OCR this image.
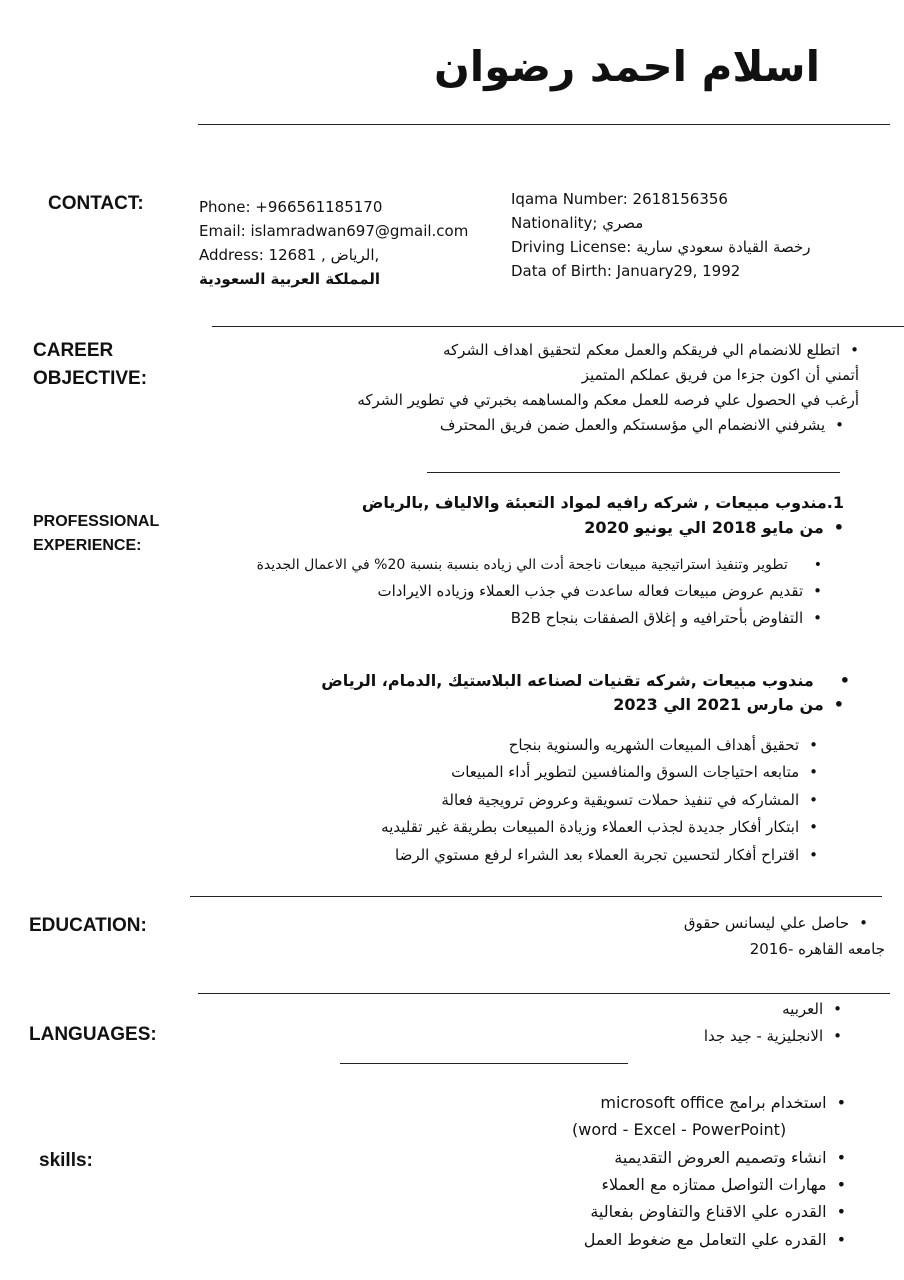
اسلام احمد رضوان
CONTACT:	Phone: +966561185170
Email: islamradwan697@gmail.com
Address: 12681 , الرياض,
المملكة العربية السعودية
Iqama Number: 2618156356
Nationality; مصري
Driving License: رخصة القيادة سعودي سارية
Data of Birth: January29, 1992
CAREER
OBJECTIVE:
• اتطلع للانضمام الي فريقكم والعمل معكم لتحقيق اهداف الشركه
أتمني أن اكون جزءا من فريق عملكم المتميز
أرغب في الحصول علي فرصه للعمل معكم والمساهمه بخبرتي في تطوير الشركه
• يشرفني الانضمام الي مؤسستكم والعمل ضمن فريق المحترف
PROFESSIONAL
EXPERIENCE:
1.مندوب مبيعات , شركه رافيه لمواد التعبئة والالياف ,بالرياض
• من مايو 2018 الي يونيو 2020
• تطوير وتنفيذ استراتيجية مبيعات ناجحة أدت الي زياده بنسبة بنسبة 20% في الاعمال الجديدة
• تقديم عروض مبيعات فعاله ساعدت في جذب العملاء وزياده الايرادات
• التفاوض بأحترافيه و إغلاق الصفقات بنجاح B2B
• مندوب مبيعات ,شركه تقنيات لصناعه البلاستيك ,الدمام، الرياض
• من مارس 2021 الي 2023
• تحقيق أهداف المبيعات الشهريه والسنوية بنجاح
• متابعه احتياجات السوق والمنافسين لتطوير أداء المبيعات
• المشاركه في تنفيذ حملات تسويقية وعروض ترويجية فعالة
• ابتكار أفكار جديدة لجذب العملاء وزيادة المبيعات بطريقة غير تقليديه
• اقتراح أفكار لتحسين تجربة العملاء بعد الشراء لرفع مستوي الرضا
EDUCATION:	• حاصل علي ليسانس حقوق
جامعه القاهره -2016
LANGUAGES:
• العربيه
• الانجليزية - جيد جدا
skills:
• استخدام برامج microsoft office
(word - Excel - PowerPoint)
• انشاء وتصميم العروض التقديمية
• مهارات التواصل ممتازه مع العملاء
• القدره علي الاقناع والتفاوض بفعالية
• القدره علي التعامل مع ضغوط العمل
